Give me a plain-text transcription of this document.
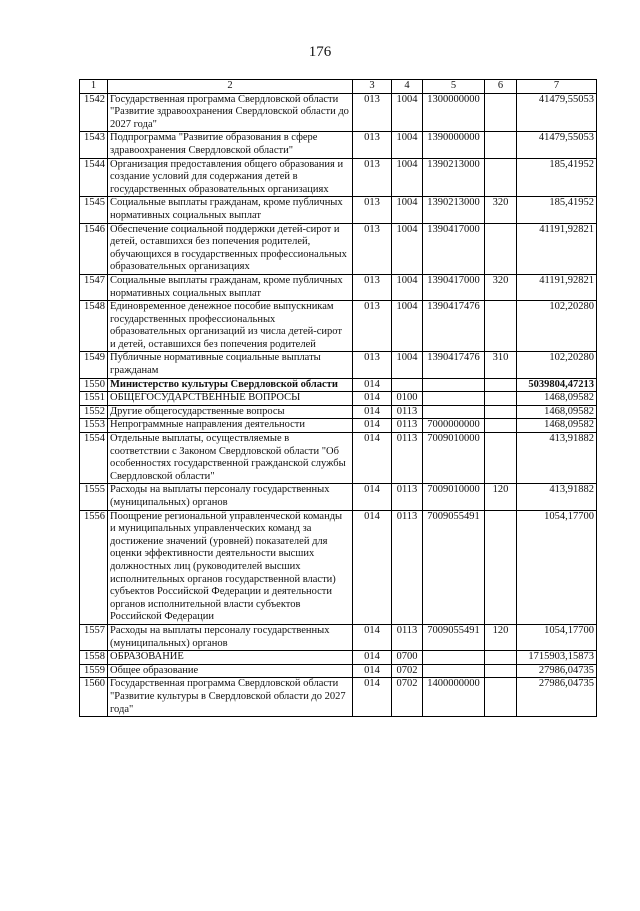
176
1	2	3	4	5	6	7
1542	Государственная программа Свердловской области "Развитие здравоохранения Свердловской области до 2027 года"	013	1004	1300000000		41479,55053
1543	Подпрограмма "Развитие образования в сфере здравоохранения Свердловской области"	013	1004	1390000000		41479,55053
1544	Организация предоставления общего образования и создание условий для содержания детей в государственных образовательных организациях	013	1004	1390213000		185,41952
1545	Социальные выплаты гражданам, кроме публичных нормативных социальных выплат	013	1004	1390213000	320	185,41952
1546	Обеспечение социальной поддержки детей-сирот и детей, оставшихся без попечения родителей, обучающихся в государственных профессиональных образовательных организациях	013	1004	1390417000		41191,92821
1547	Социальные выплаты гражданам, кроме публичных нормативных социальных выплат	013	1004	1390417000	320	41191,92821
1548	Единовременное денежное пособие выпускникам государственных профессиональных образовательных организаций из числа детей-сирот и детей, оставшихся без попечения родителей	013	1004	1390417476		102,20280
1549	Публичные нормативные социальные выплаты гражданам	013	1004	1390417476	310	102,20280
1550	Министерство культуры Свердловской области	014				5039804,47213
1551	ОБЩЕГОСУДАРСТВЕННЫЕ ВОПРОСЫ	014	0100			1468,09582
1552	Другие общегосударственные вопросы	014	0113			1468,09582
1553	Непрограммные направления деятельности	014	0113	7000000000		1468,09582
1554	Отдельные выплаты, осуществляемые в соответствии с Законом Свердловской области "Об особенностях государственной гражданской службы Свердловской области"	014	0113	7009010000		413,91882
1555	Расходы на выплаты персоналу государственных (муниципальных) органов	014	0113	7009010000	120	413,91882
1556	Поощрение региональной управленческой команды и муниципальных управленческих команд за достижение значений (уровней) показателей для оценки эффективности деятельности высших должностных лиц (руководителей высших исполнительных органов государственной власти) субъектов Российской Федерации и деятельности органов исполнительной власти субъектов Российской Федерации	014	0113	7009055491		1054,17700
1557	Расходы на выплаты персоналу государственных (муниципальных) органов	014	0113	7009055491	120	1054,17700
1558	ОБРАЗОВАНИЕ	014	0700			1715903,15873
1559	Общее образование	014	0702			27986,04735
1560	Государственная программа Свердловской области "Развитие культуры в Свердловской области до 2027 года"	014	0702	1400000000		27986,04735
